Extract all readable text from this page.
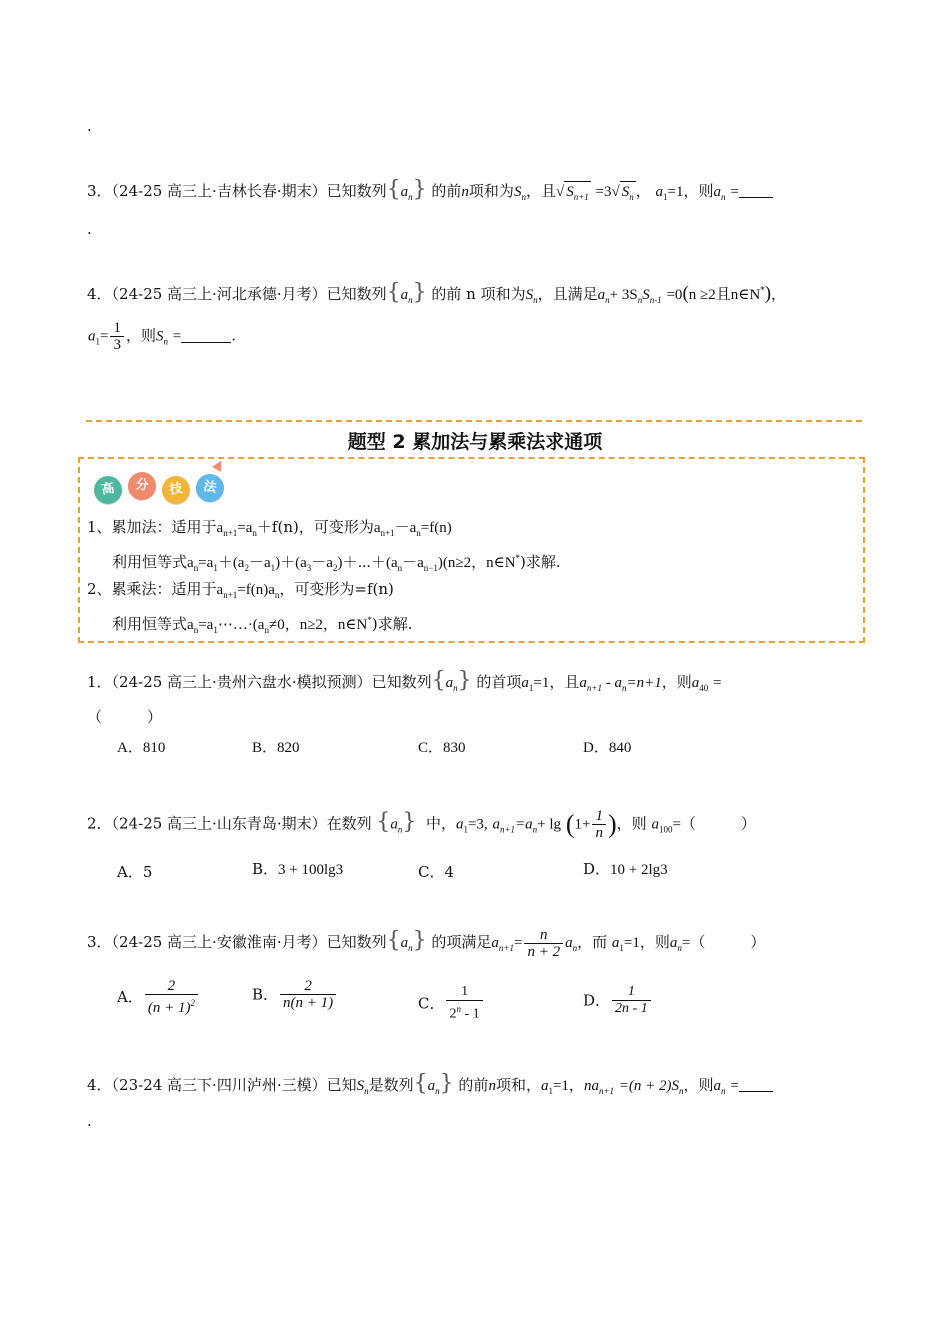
.
3．（24-25 高三上·吉林长春·期末）已知数列$\{a_n\}$ 的前n项和为$S_n$，且√ $S_{n+1} =3√$ $S_n$ ， $a_1=1$，则$a_n$ =
.
4．（24-25 高三上·河北承德·月考）已知数列$\{a_n\}$ 的前 n 项和为$S_n$，且满足$a_n+ 3S_nS_{n-1} =0(n \ge 2$且n∈N*)，
$a_1= \frac{1}{3}$ ，则$S_n$ =	.
题型 2 累加法与累乘法求通项
高	分	技	法
1、累加法：适用于$a_{n+1}=a_n+f(n)$，可变形为$a_{n+1}-a_n=f(n)$
利用恒等式$a_n=a_1+(a_2-a_1)+(a_3-a_2)+\cdots+(a_n-a_{n-1})(n\ge 2$，n∈N*)求解.
2、累乘法：适用于$a_{n+1}=f(n)a_n$，可变形为=f(n)
利用恒等式$a_n=a_1\cdots\dots\cdot(a_n\ne 0$，n≥2，n∈N*)求解.
1．（24-25 高三上·贵州六盘水·模拟预测）已知数列$\{a_n\}$ 的首项$a_1=1$，且$a_{n+1} - a_n=n+1$，则$a_{40}$ =
（　　　）
A．810	B．820	C．830	D．840
2．（24-25 高三上·山东青岛·期末）在数列 $\{a_n\}$ 中，$a_1=3$, $a_{n+1}=a_n+ \lg (1+ \frac{1}{n}$ )，则 $a_{100}=$（　　　）
A．5	B．3 + 100lg3	C．4	D．10 + 2lg3
3．（24-25 高三上·安徽淮南·月考）已知数列$\{a_n\}$ 的项满足$a_{n+1}= \frac{n}{n + 2} a_n$，而 $a_1=1$，则$a_n=$（　　　）
A． $\frac{2}{(n + 1)^2}$	B． $\frac{2}{n(n + 1)}$	C． $\frac{1}{2^n - 1}$	D． $\frac{1}{2n - 1}$
4．（23-24 高三下·四川泸州·三模）已知$S_n$是数列$\{a_n\}$ 的前n项和，$a_1=1$，$na_{n+1} =(n + 2)S_n$，则$a_n$ =
.
